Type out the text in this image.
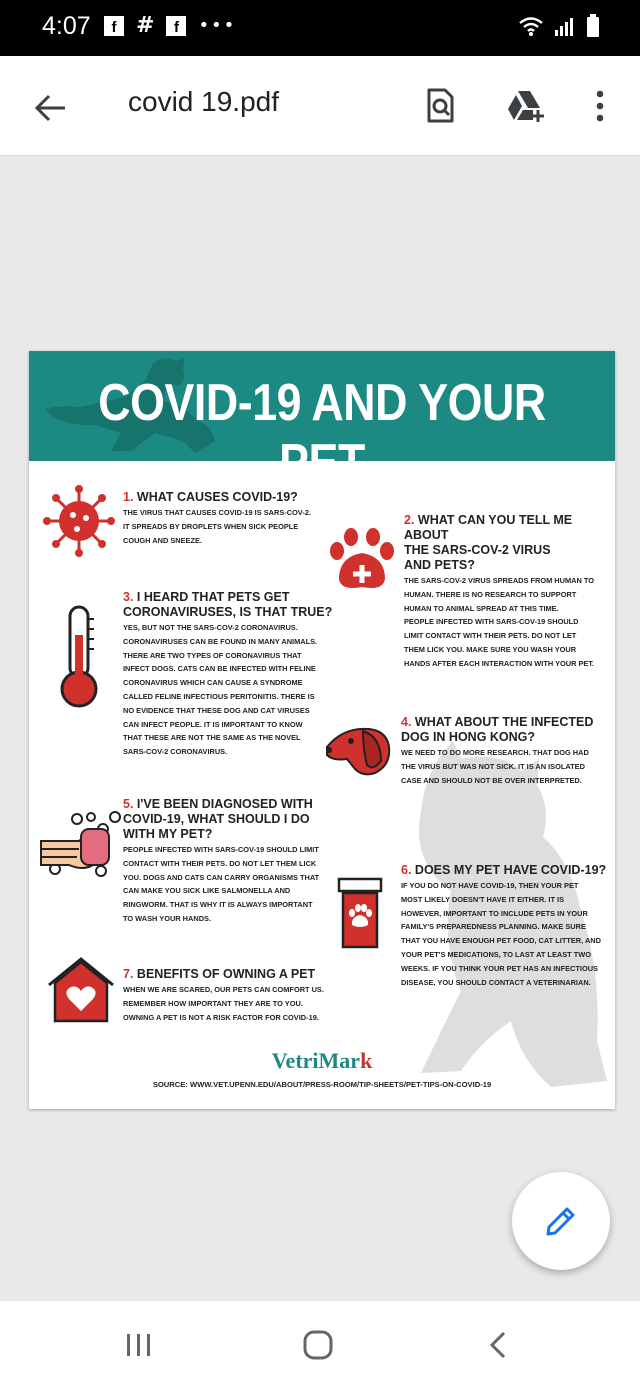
4:07	f #	f	•••
covid 19.pdf
COVID-19 AND YOUR PET
1. WHAT CAUSES COVID-19?
THE VIRUS THAT CAUSES COVID-19 IS SARS-COV-2.
IT SPREADS BY DROPLETS WHEN SICK PEOPLE
COUGH AND SNEEZE.
2. WHAT CAN YOU TELL ME ABOUT
THE SARS-COV-2 VIRUS
AND PETS?
THE SARS-COV-2 VIRUS SPREADS FROM HUMAN TO
HUMAN. THERE IS NO RESEARCH TO SUPPORT
HUMAN TO ANIMAL SPREAD AT THIS TIME.
PEOPLE INFECTED WITH SARS-COV-19 SHOULD
LIMIT CONTACT WITH THEIR PETS. DO NOT LET
THEM LICK YOU. MAKE SURE YOU WASH YOUR
HANDS AFTER EACH INTERACTION WITH YOUR PET.
3. I HEARD THAT PETS GET
CORONAVIRUSES, IS THAT TRUE?
YES, BUT NOT THE SARS-COV-2 CORONAVIRUS.
CORONAVIRUSES CAN BE FOUND IN MANY ANIMALS.
THERE ARE TWO TYPES OF CORONAVIRUS THAT
INFECT DOGS. CATS CAN BE INFECTED WITH FELINE
CORONAVIRUS WHICH CAN CAUSE A SYNDROME
CALLED FELINE INFECTIOUS PERITONITIS. THERE IS
NO EVIDENCE THAT THESE DOG AND CAT VIRUSES
CAN INFECT PEOPLE. IT IS IMPORTANT TO KNOW
THAT THESE ARE NOT THE SAME AS THE NOVEL
SARS-COV-2 CORONAVIRUS.
4. WHAT ABOUT THE INFECTED
DOG IN HONG KONG?
WE NEED TO DO MORE RESEARCH. THAT DOG HAD
THE VIRUS BUT WAS NOT SICK. IT IS AN ISOLATED
CASE AND SHOULD NOT BE OVER INTERPRETED.
5. I'VE BEEN DIAGNOSED WITH
COVID-19, WHAT SHOULD I DO
WITH MY PET?
PEOPLE INFECTED WITH SARS-COV-19 SHOULD LIMIT
CONTACT WITH THEIR PETS. DO NOT LET THEM LICK
YOU. DOGS AND CATS CAN CARRY ORGANISMS THAT
CAN MAKE YOU SICK LIKE SALMONELLA AND
RINGWORM. THAT IS WHY IT IS ALWAYS IMPORTANT
TO WASH YOUR HANDS.
6. DOES MY PET HAVE COVID-19?
IF YOU DO NOT HAVE COVID-19, THEN YOUR PET
MOST LIKELY DOESN'T HAVE IT EITHER. IT IS
HOWEVER, IMPORTANT TO INCLUDE PETS IN YOUR
FAMILY'S PREPAREDNESS PLANNING. MAKE SURE
THAT YOU HAVE ENOUGH PET FOOD, CAT LITTER, AND
YOUR PET'S MEDICATIONS, TO LAST AT LEAST TWO
WEEKS. IF YOU THINK YOUR PET HAS AN INFECTIOUS
DISEASE, YOU SHOULD CONTACT A VETERINARIAN.
7. BENEFITS OF OWNING A PET
WHEN WE ARE SCARED, OUR PETS CAN COMFORT US.
REMEMBER HOW IMPORTANT THEY ARE TO YOU.
OWNING A PET IS NOT A RISK FACTOR FOR COVID-19.
VetriMark
SOURCE: WWW.VET.UPENN.EDU/ABOUT/PRESS-ROOM/TIP-SHEETS/PET-TIPS-ON-COVID-19
